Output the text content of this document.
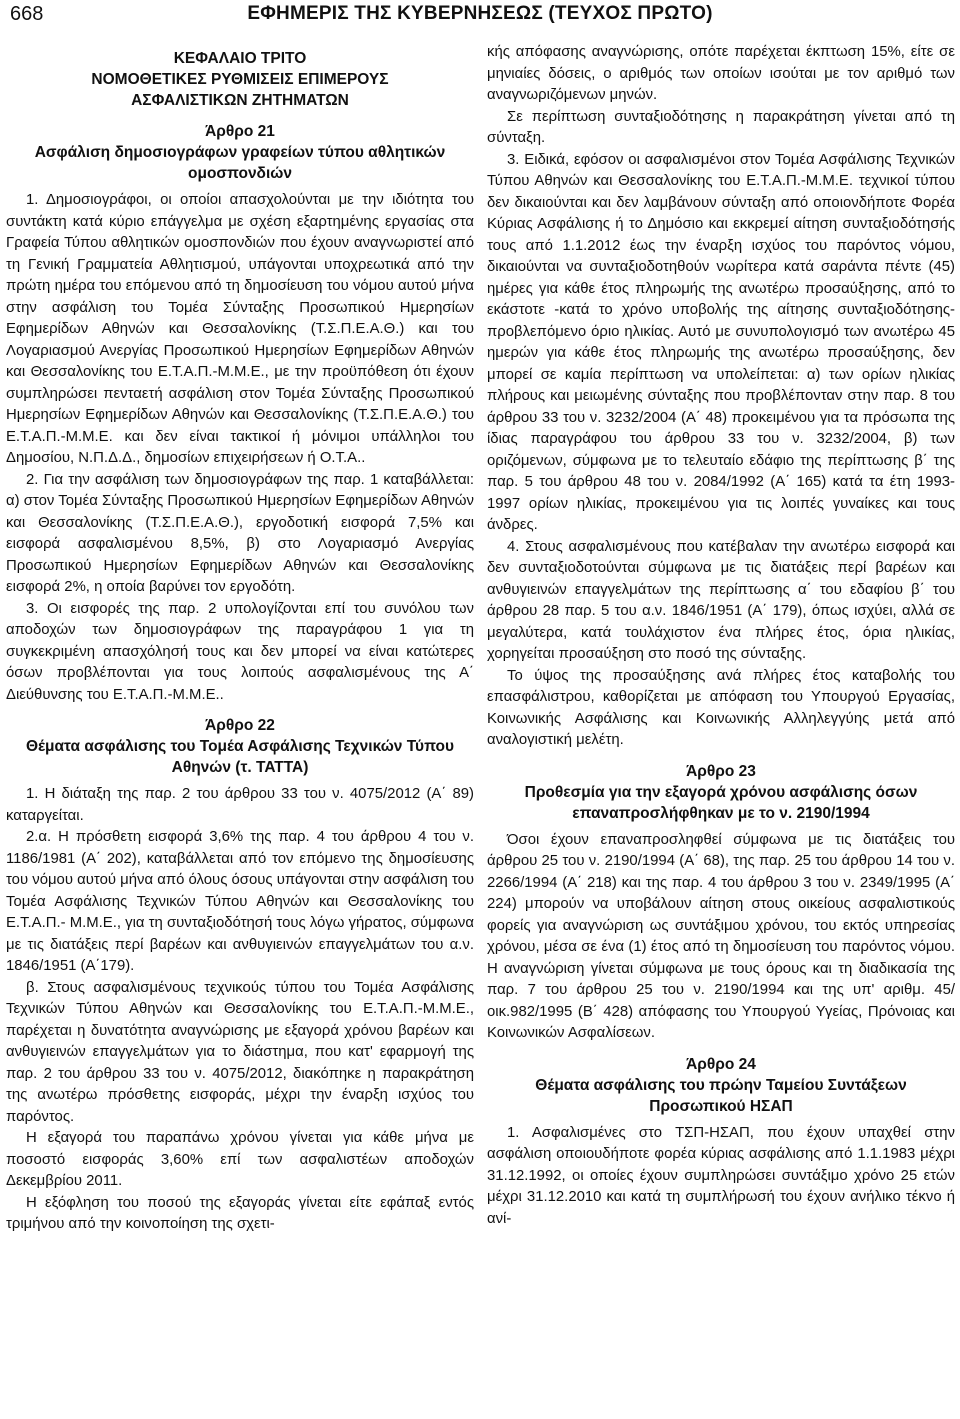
668	ΕΦΗΜΕΡΙΣ ΤΗΣ ΚΥΒΕΡΝΗΣΕΩΣ (ΤΕΥΧΟΣ ΠΡΩΤΟ)
ΚΕΦΑΛΑΙΟ ΤΡΙΤΟ
ΝΟΜΟΘΕΤΙΚΕΣ ΡΥΘΜΙΣΕΙΣ ΕΠΙΜΕΡΟΥΣ
ΑΣΦΑΛΙΣΤΙΚΩΝ ΖΗΤΗΜΑΤΩΝ
Άρθρο 21
Ασφάλιση δημοσιογράφων γραφείων τύπου αθλητικών ομοσπονδιών

1. Δημοσιογράφοι, οι οποίοι απασχολούνται με την ιδιότητα του συντάκτη κατά κύριο επάγγελμα με σχέση εξαρτημένης εργασίας στα Γραφεία Τύπου αθλητικών ομοσπονδιών που έχουν αναγνωριστεί από τη Γενική Γραμματεία Αθλητισμού, υπάγονται υποχρεωτικά από την πρώτη ημέρα του επόμενου από τη δημοσίευση του νόμου αυτού μήνα στην ασφάλιση του Τομέα Σύνταξης Προσωπικού Ημερησίων Εφημερίδων Αθηνών και Θεσσαλονίκης (Τ.Σ.Π.Ε.Α.Θ.) και του Λογαριασμού Ανεργίας Προσωπικού Ημερησίων Εφημερίδων Αθηνών και Θεσσαλονίκης του Ε.Τ.Α.Π.-Μ.Μ.Ε., με την προϋπόθεση ότι έχουν συμπληρώσει πενταετή ασφάλιση στον Τομέα Σύνταξης Προσωπικού Ημερησίων Εφημερίδων Αθηνών και Θεσσαλονίκης (Τ.Σ.Π.Ε.Α.Θ.) του Ε.Τ.Α.Π.-Μ.Μ.Ε. και δεν είναι τακτικοί ή μόνιμοι υπάλληλοι του Δημοσίου, Ν.Π.Δ.Δ., δημοσίων επιχειρήσεων ή Ο.Τ.Α..

2. Για την ασφάλιση των δημοσιογράφων της παρ. 1 καταβάλλεται: α) στον Τομέα Σύνταξης Προσωπικού Ημερησίων Εφημερίδων Αθηνών και Θεσσαλονίκης (Τ.Σ.Π.Ε.Α.Θ.), εργοδοτική εισφορά 7,5% και εισφορά ασφαλισμένου 8,5%, β) στο Λογαριασμό Ανεργίας Προσωπικού Ημερησίων Εφημερίδων Αθηνών και Θεσσαλονίκης εισφορά 2%, η οποία βαρύνει τον εργοδότη.

3. Οι εισφορές της παρ. 2 υπολογίζονται επί του συνόλου των αποδοχών των δημοσιογράφων της παραγράφου 1 για τη συγκεκριμένη απασχόλησή τους και δεν μπορεί να είναι κατώτερες όσων προβλέπονται για τους λοιπούς ασφαλισμένους της Α΄ Διεύθυνσης του Ε.Τ.Α.Π.-Μ.Μ.Ε..

Άρθρο 22
Θέματα ασφάλισης του Τομέα Ασφάλισης Τεχνικών Τύπου Αθηνών (τ. ΤΑΤΤΑ)

1. Η διάταξη της παρ. 2 του άρθρου 33 του ν. 4075/2012 (Α΄ 89) καταργείται.

2.α. Η πρόσθετη εισφορά 3,6% της παρ. 4 του άρθρου 4 του ν. 1186/1981 (Α΄ 202), καταβάλλεται από τον επόμενο της δημοσίευσης του νόμου αυτού μήνα από όλους όσους υπάγονται στην ασφάλιση του Τομέα Ασφάλισης Τεχνικών Τύπου Αθηνών και Θεσσαλονίκης του Ε.Τ.Α.Π.- Μ.Μ.Ε., για τη συνταξιοδότησή τους λόγω γήρατος, σύμφωνα με τις διατάξεις περί βαρέων και ανθυγιεινών επαγγελμάτων του α.ν. 1846/1951 (Α΄179).

β. Στους ασφαλισμένους τεχνικούς τύπου του Τομέα Ασφάλισης Τεχνικών Τύπου Αθηνών και Θεσσαλονίκης του Ε.Τ.Α.Π.-Μ.Μ.Ε., παρέχεται η δυνατότητα αναγνώρισης με εξαγορά χρόνου βαρέων και ανθυγιεινών επαγγελμάτων για το διάστημα, που κατ' εφαρμογή της παρ. 2 του άρθρου 33 του ν. 4075/2012, διακόπηκε η παρακράτηση της ανωτέρω πρόσθετης εισφοράς, μέχρι την έναρξη ισχύος του παρόντος.

Η εξαγορά του παραπάνω χρόνου γίνεται για κάθε μήνα με ποσοστό εισφοράς 3,60% επί των ασφαλιστέων αποδοχών Δεκεμβρίου 2011.

Η εξόφληση του ποσού της εξαγοράς γίνεται είτε εφάπαξ εντός τριμήνου από την κοινοποίηση της σχετι-

κής απόφασης αναγνώρισης, οπότε παρέχεται έκπτωση 15%, είτε σε μηνιαίες δόσεις, ο αριθμός των οποίων ισούται με τον αριθμό των αναγνωριζόμενων μηνών.

Σε περίπτωση συνταξιοδότησης η παρακράτηση γίνεται από τη σύνταξη.

3. Ειδικά, εφόσον οι ασφαλισμένοι στον Τομέα Ασφάλισης Τεχνικών Τύπου Αθηνών και Θεσσαλονίκης του Ε.Τ.Α.Π.-Μ.Μ.Ε. τεχνικοί τύπου δεν δικαιούνται και δεν λαμβάνουν σύνταξη από οποιονδήποτε Φορέα Κύριας Ασφάλισης ή το Δημόσιο και εκκρεμεί αίτηση συνταξιοδότησής τους από 1.1.2012 έως την έναρξη ισχύος του παρόντος νόμου, δικαιούνται να συνταξιοδοτηθούν νωρίτερα κατά σαράντα πέντε (45) ημέρες για κάθε έτος πληρωμής της ανωτέρω προσαύξησης, από το εκάστοτε -κατά το χρόνο υποβολής της αίτησης συνταξιοδότησης- προβλεπόμενο όριο ηλικίας. Αυτό με συνυπολογισμό των ανωτέρω 45 ημερών για κάθε έτος πληρωμής της ανωτέρω προσαύξησης, δεν μπορεί σε καμία περίπτωση να υπολείπεται: α) των ορίων ηλικίας πλήρους και μειωμένης σύνταξης που προβλέπονταν στην παρ. 8 του άρθρου 33 του ν. 3232/2004 (Α΄ 48) προκειμένου για τα πρόσωπα της ίδιας παραγράφου του άρθρου 33 του ν. 3232/2004, β) των οριζόμενων, σύμφωνα με το τελευταίο εδάφιο της περίπτωσης β΄ της παρ. 5 του άρθρου 48 του ν. 2084/1992 (Α΄ 165) κατά τα έτη 1993-1997 ορίων ηλικίας, προκειμένου για τις λοιπές γυναίκες και τους άνδρες.

4. Στους ασφαλισμένους που κατέβαλαν την ανωτέρω εισφορά και δεν συνταξιοδοτούνται σύμφωνα με τις διατάξεις περί βαρέων και ανθυγιεινών επαγγελμάτων της περίπτωσης α΄ του εδαφίου β΄ του άρθρου 28 παρ. 5 του α.ν. 1846/1951 (Α΄ 179), όπως ισχύει, αλλά σε μεγαλύτερα, κατά τουλάχιστον ένα πλήρες έτος, όρια ηλικίας, χορηγείται προσαύξηση στο ποσό της σύνταξης.

Το ύψος της προσαύξησης ανά πλήρες έτος καταβολής του επασφάλιστρου, καθορίζεται με απόφαση του Υπουργού Εργασίας, Κοινωνικής Ασφάλισης και Κοινωνικής Αλληλεγγύης μετά από αναλογιστική μελέτη.

Άρθρο 23
Προθεσμία για την εξαγορά χρόνου ασφάλισης όσων επαναπροσλήφθηκαν με το ν. 2190/1994

Όσοι έχουν επαναπροσληφθεί σύμφωνα με τις διατάξεις του άρθρου 25 του ν. 2190/1994 (Α΄ 68), της παρ. 25 του άρθρου 14 του ν. 2266/1994 (Α΄ 218) και της παρ. 4 του άρθρου 3 του ν. 2349/1995 (Α΄ 224) μπορούν να υποβάλουν αίτηση στους οικείους ασφαλιστικούς φορείς για αναγνώριση ως συντάξιμου χρόνου, του εκτός υπηρεσίας χρόνου, μέσα σε ένα (1) έτος από τη δημοσίευση του παρόντος νόμου. Η αναγνώριση γίνεται σύμφωνα με τους όρους και τη διαδικασία της παρ. 7 του άρθρου 25 του ν. 2190/1994 και της υπ' αριθμ. 45/οικ.982/1995 (Β΄ 428) απόφασης του Υπουργού Υγείας, Πρόνοιας και Κοινωνικών Ασφαλίσεων.

Άρθρο 24
Θέματα ασφάλισης του πρώην Ταμείου Συντάξεων Προσωπικού ΗΣΑΠ

1. Ασφαλισμένες στο ΤΣΠ-ΗΣΑΠ, που έχουν υπαχθεί στην ασφάλιση οποιουδήποτε φορέα κύριας ασφάλισης από 1.1.1983 μέχρι 31.12.1992, οι οποίες έχουν συμπληρώσει συντάξιμο χρόνο 25 ετών μέχρι 31.12.2010 και κατά τη συμπλήρωσή του έχουν ανήλικο τέκνο ή ανί-
